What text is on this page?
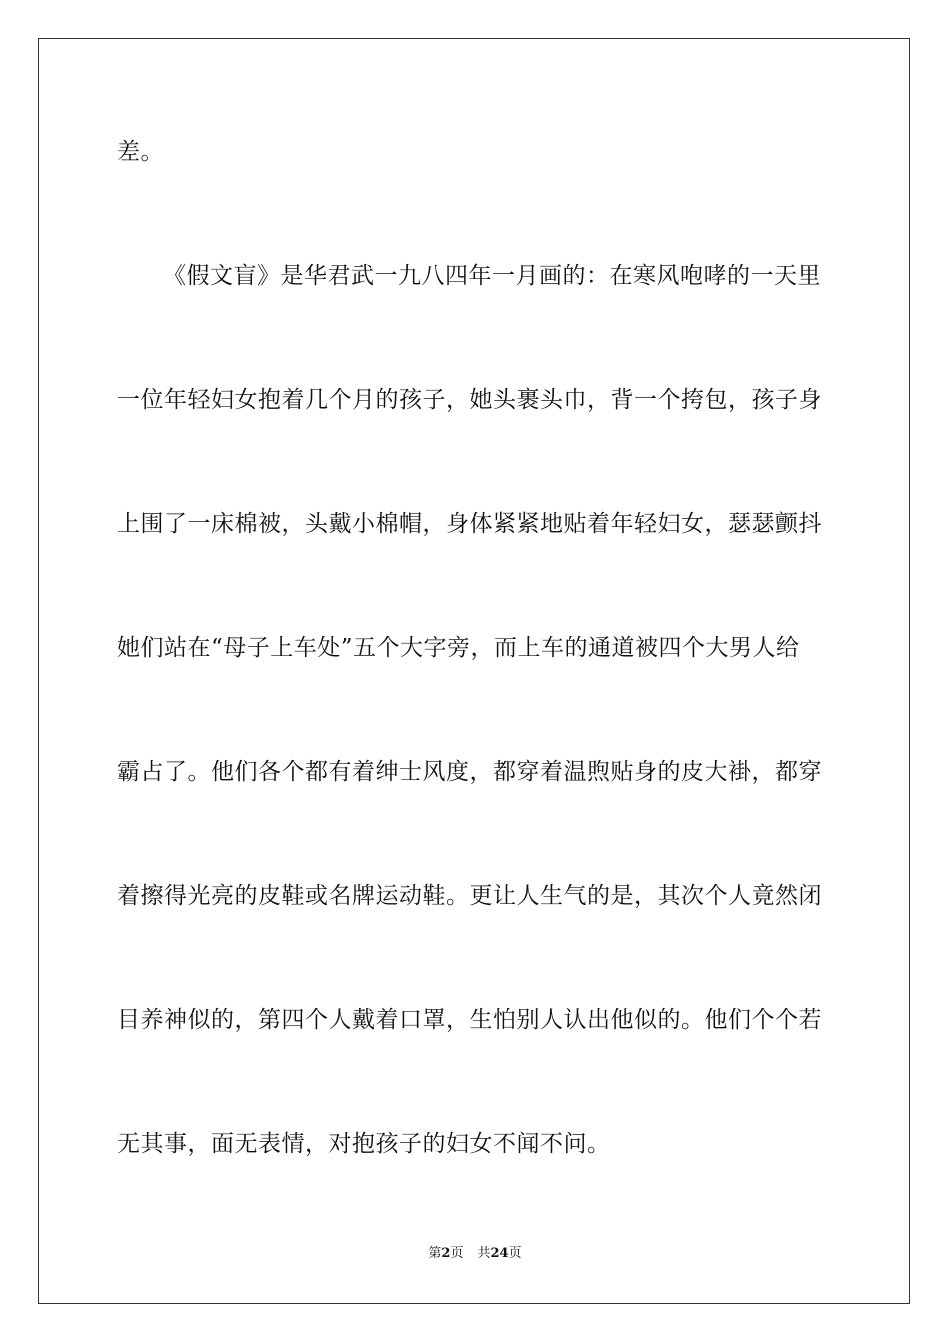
差。
《假文盲》是华君武一九八四年一月画的：在寒风咆哮的一天里
一位年轻妇女抱着几个月的孩子，她头裹头巾，背一个挎包，孩子身
上围了一床棉被，头戴小棉帽，身体紧紧地贴着年轻妇女，瑟瑟颤抖
她们站在“母子上车处”五个大字旁，而上车的通道被四个大男人给
霸占了。他们各个都有着绅士风度，都穿着温煦贴身的皮大褂，都穿
着擦得光亮的皮鞋或名牌运动鞋。更让人生气的是，其次个人竟然闭
目养神似的，第四个人戴着口罩，生怕别人认出他似的。他们个个若
无其事，面无表情，对抱孩子的妇女不闻不问。
第2页 共24页
